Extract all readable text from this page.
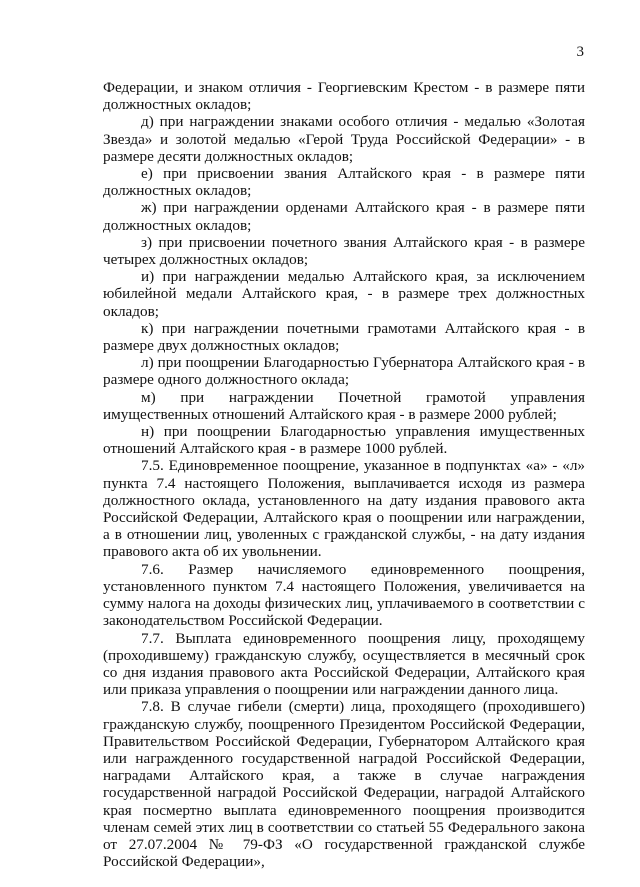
3

Федерации, и знаком отличия - Георгиевским Крестом - в размере пяти должностных окладов;

д) при награждении знаками особого отличия - медалью «Золотая Звезда» и золотой медалью «Герой Труда Российской Федерации» - в размере десяти должностных окладов;

е) при присвоении звания Алтайского края - в размере пяти должностных окладов;

ж) при награждении орденами Алтайского края - в размере пяти должностных окладов;

з) при присвоении почетного звания Алтайского края - в размере четырех должностных окладов;

и) при награждении медалью Алтайского края, за исключением юбилейной медали Алтайского края, - в размере трех должностных окладов;

к) при награждении почетными грамотами Алтайского края - в размере двух должностных окладов;

л) при поощрении Благодарностью Губернатора Алтайского края - в размере одного должностного оклада;

м) при награждении Почетной грамотой управления имущественных отношений Алтайского края - в размере 2000 рублей;

н) при поощрении Благодарностью управления имущественных отношений Алтайского края - в размере 1000 рублей.

7.5. Единовременное поощрение, указанное в подпунктах «а» - «л» пункта 7.4 настоящего Положения, выплачивается исходя из размера должностного оклада, установленного на дату издания правового акта Российской Федерации, Алтайского края о поощрении или награждении, а в отношении лиц, уволенных с гражданской службы, - на дату издания правового акта об их увольнении.

7.6. Размер начисляемого единовременного поощрения, установленного пунктом 7.4 настоящего Положения, увеличивается на сумму налога на доходы физических лиц, уплачиваемого в соответствии с законодательством Российской Федерации.

7.7. Выплата единовременного поощрения лицу, проходящему (проходившему) гражданскую службу, осуществляется в месячный срок со дня издания правового акта Российской Федерации, Алтайского края или приказа управления о поощрении или награждении данного лица.

7.8. В случае гибели (смерти) лица, проходящего (проходившего) гражданскую службу, поощренного Президентом Российской Федерации, Правительством Российской Федерации, Губернатором Алтайского края или награжденного государственной наградой Российской Федерации, наградами Алтайского края, а также в случае награждения государственной наградой Российской Федерации, наградой Алтайского края посмертно выплата единовременного поощрения производится членам семей этих лиц в соответствии со статьей 55 Федерального закона от 27.07.2004 № 79-ФЗ «О государственной гражданской службе Российской Федерации»,
